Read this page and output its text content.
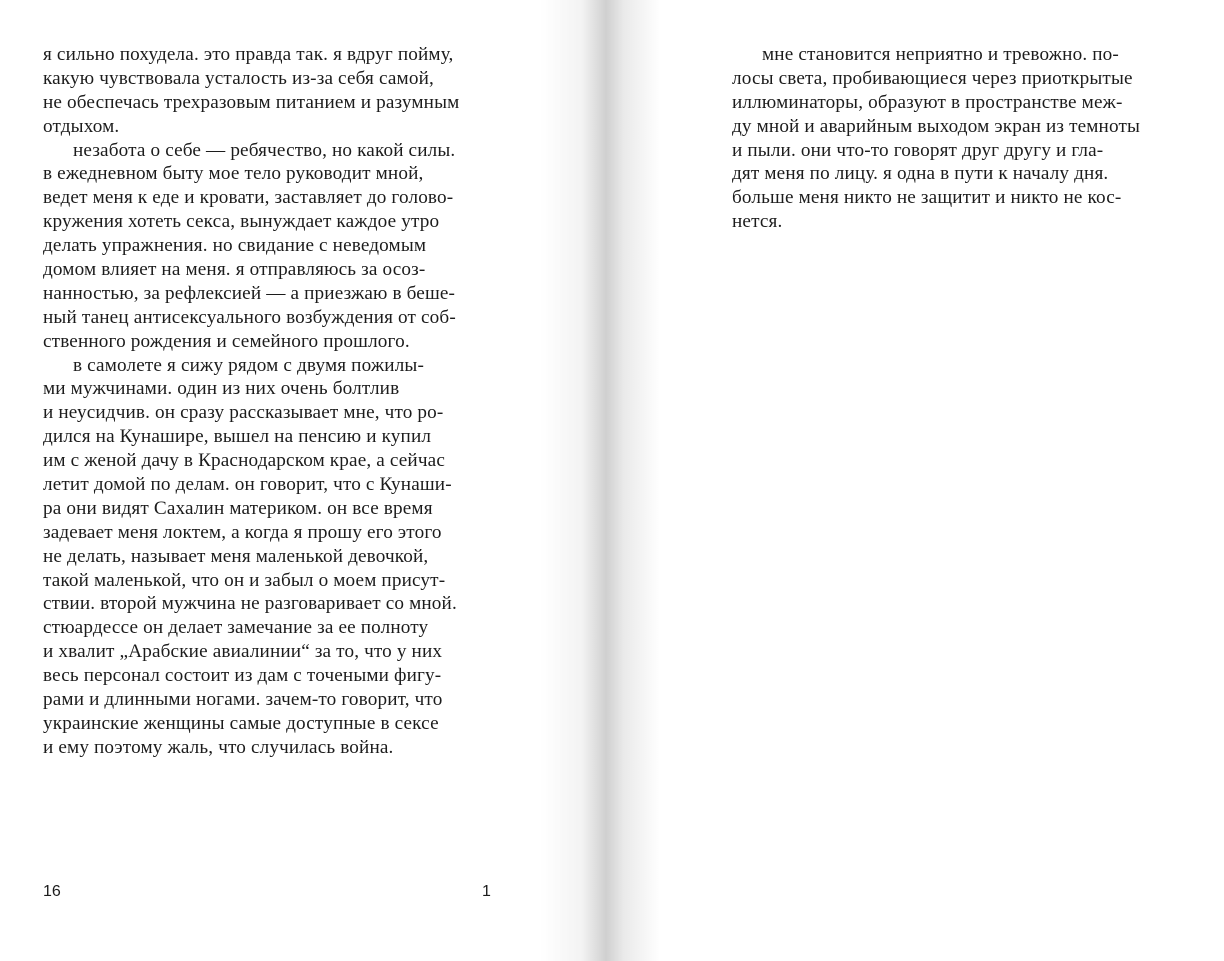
я сильно похудела. это правда так. я вдруг пойму,
какую чувствовала усталость из-за себя самой,
не обеспечась трехразовым питанием и разумным
отдыхом.
незабота о себе — ребячество, но какой силы.
в ежедневном быту мое тело руководит мной,
ведет меня к еде и кровати, заставляет до голово-
кружения хотеть секса, вынуждает каждое утро
делать упражнения. но свидание с неведомым
домом влияет на меня. я отправляюсь за осоз-
нанностью, за рефлексией — а приезжаю в беше-
ный танец антисексуального возбуждения от соб-
ственного рождения и семейного прошлого.
в самолете я сижу рядом с двумя пожилы-
ми мужчинами. один из них очень болтлив
и неусидчив. он сразу рассказывает мне, что ро-
дился на Кунашире, вышел на пенсию и купил
им с женой дачу в Краснодарском крае, а сейчас
летит домой по делам. он говорит, что с Кунаши-
ра они видят Сахалин материком. он все время
задевает меня локтем, а когда я прошу его этого
не делать, называет меня маленькой девочкой,
такой маленькой, что он и забыл о моем присут-
ствии. второй мужчина не разговаривает со мной.
стюардессе он делает замечание за ее полноту
и хвалит „Арабские авиалинии“ за то, что у них
весь персонал состоит из дам с точеными фигу-
рами и длинными ногами. зачем-то говорит, что
украинские женщины самые доступные в сексе
и ему поэтому жаль, что случилась война.
16	1
мне становится неприятно и тревожно. по-
лосы света, пробивающиеся через приоткрытые
иллюминаторы, образуют в пространстве меж-
ду мной и аварийным выходом экран из темноты
и пыли. они что-то говорят друг другу и гла-
дят меня по лицу. я одна в пути к началу дня.
больше меня никто не защитит и никто не кос-
нется.
